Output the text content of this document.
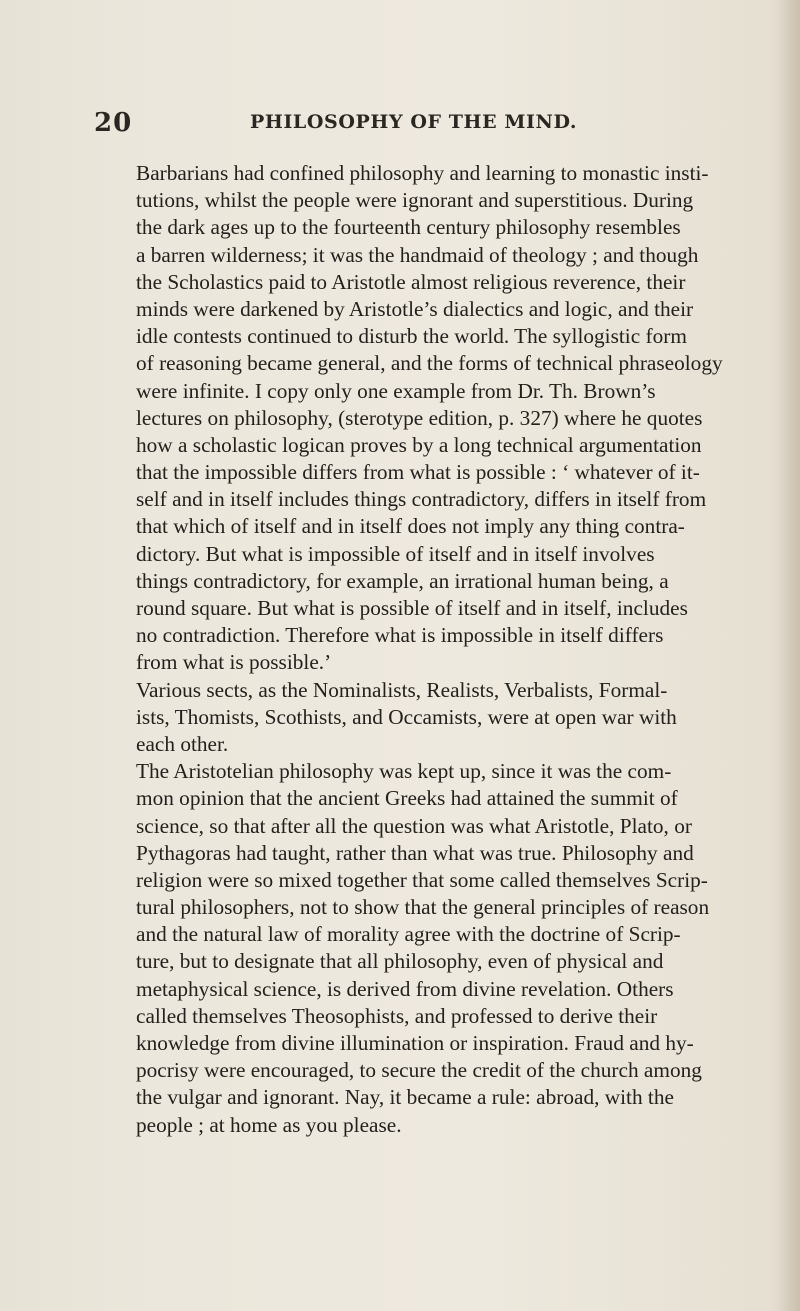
20	PHILOSOPHY OF THE MIND.
Barbarians had confined philosophy and learning to monastic insti-
tutions, whilst the people were ignorant and superstitious. During
the dark ages up to the fourteenth century philosophy resembles
a barren wilderness; it was the handmaid of theology ; and though
the Scholastics paid to Aristotle almost religious reverence, their
minds were darkened by Aristotle’s dialectics and logic, and their
idle contests continued to disturb the world. The syllogistic form
of reasoning became general, and the forms of technical phraseology
were infinite. I copy only one example from Dr. Th. Brown’s
lectures on philosophy, (sterotype edition, p. 327) where he quotes
how a scholastic logican proves by a long technical argumentation
that the impossible differs from what is possible : ‘ whatever of it-
self and in itself includes things contradictory, differs in itself from
that which of itself and in itself does not imply any thing contra-
dictory. But what is impossible of itself and in itself involves
things contradictory, for example, an irrational human being, a
round square. But what is possible of itself and in itself, includes
no contradiction. Therefore what is impossible in itself differs
from what is possible.’
Various sects, as the Nominalists, Realists, Verbalists, Formal-
ists, Thomists, Scothists, and Occamists, were at open war with
each other.
The Aristotelian philosophy was kept up, since it was the com-
mon opinion that the ancient Greeks had attained the summit of
science, so that after all the question was what Aristotle, Plato, or
Pythagoras had taught, rather than what was true. Philosophy and
religion were so mixed together that some called themselves Scrip-
tural philosophers, not to show that the general principles of reason
and the natural law of morality agree with the doctrine of Scrip-
ture, but to designate that all philosophy, even of physical and
metaphysical science, is derived from divine revelation. Others
called themselves Theosophists, and professed to derive their
knowledge from divine illumination or inspiration. Fraud and hy-
pocrisy were encouraged, to secure the credit of the church among
the vulgar and ignorant. Nay, it became a rule: abroad, with the
people ; at home as you please.
